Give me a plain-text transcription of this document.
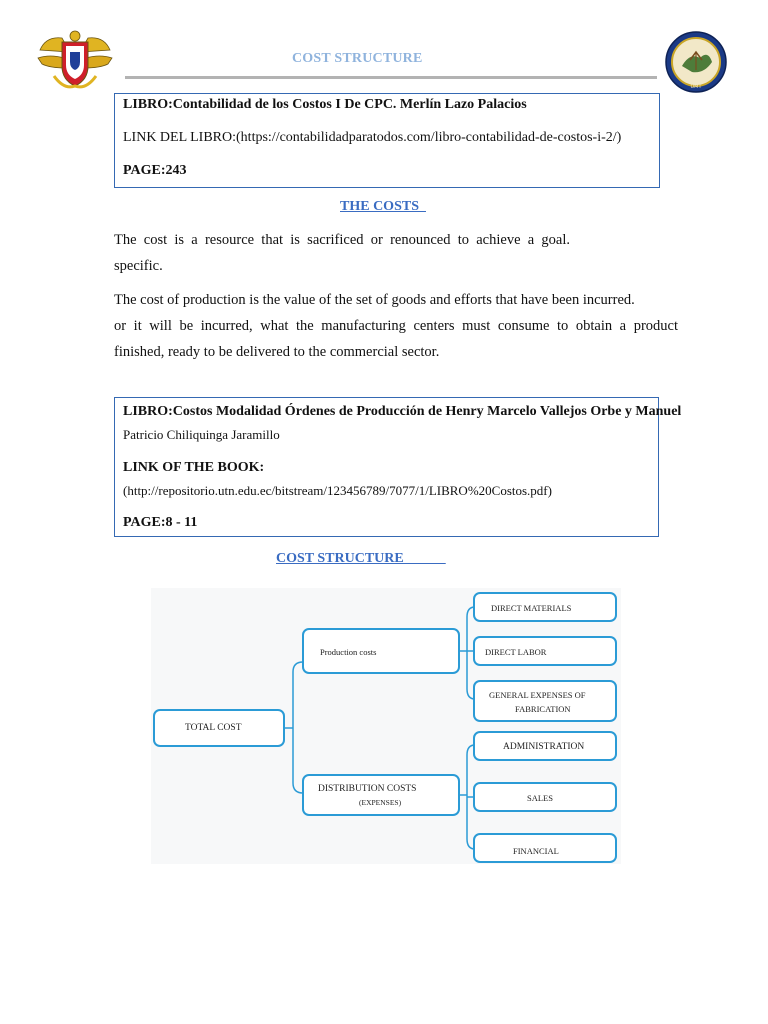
COST STRUCTURE
UMT
LIBRO:Contabilidad de los Costos I De CPC. Merlín Lazo Palacios
LINK DEL LIBRO:(https://contabilidadparatodos.com/libro-contabilidad-de-costos-i-2/)
PAGE:243
THE COSTS
The cost is a resource that is sacrificed or renounced to achieve a goal.
specific.
The cost of production is the value of the set of goods and efforts that have been incurred.
or it will be incurred, what the manufacturing centers must consume to obtain a product
finished, ready to be delivered to the commercial sector.
LIBRO:Costos Modalidad Órdenes de Producción de Henry Marcelo Vallejos Orbe y Manuel
Patricio Chiliquinga Jaramillo
LINK OF THE BOOK:
(http://repositorio.utn.edu.ec/bitstream/123456789/7077/1/LIBRO%20Costos.pdf)
PAGE:8 - 11
COST STRUCTURE
TOTAL COST
Production costs
DISTRIBUTION COSTS
(EXPENSES)
DIRECT MATERIALS
DIRECT LABOR
GENERAL EXPENSES OF
FABRICATION
ADMINISTRATION
SALES
FINANCIAL
